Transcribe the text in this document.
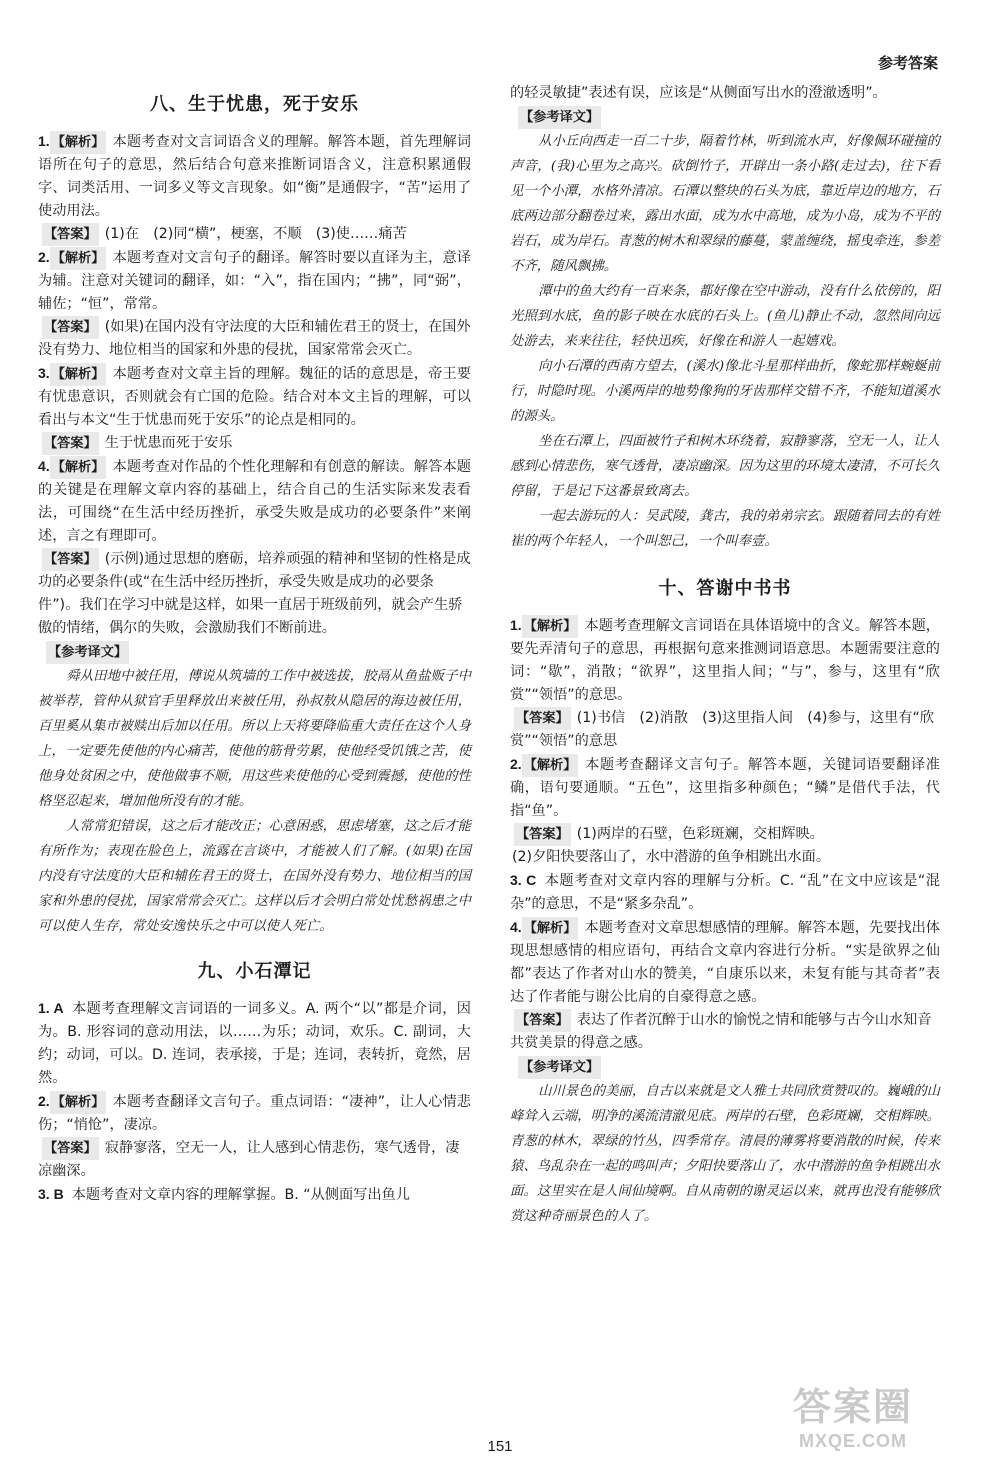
参考答案
八、生于忧患，死于安乐

1. 【解析】 本题考查对文言词语含义的理解。解答本题，首先理解词语所在句子的意思，然后结合句意来推断词语含义，注意积累通假字、词类活用、一词多义等文言现象。如“衡”是通假字，“苦”运用了使动用法。

【答案】 (1)在　(2)同“横”，梗塞，不顺　(3)使……痛苦

2. 【解析】 本题考查对文言句子的翻译。解答时要以直译为主，意译为辅。注意对关键词的翻译，如：“入”，指在国内；“拂”，同“弼”，辅佐；“恒”，常常。

【答案】 (如果)在国内没有守法度的大臣和辅佐君王的贤士，在国外没有势力、地位相当的国家和外患的侵扰，国家常常会灭亡。

3. 【解析】 本题考查对文章主旨的理解。魏征的话的意思是，帝王要有忧患意识，否则就会有亡国的危险。结合对本文主旨的理解，可以看出与本文“生于忧患而死于安乐”的论点是相同的。

【答案】 生于忧患而死于安乐

4. 【解析】 本题考查对作品的个性化理解和有创意的解读。解答本题的关键是在理解文章内容的基础上，结合自己的生活实际来发表看法，可围绕“在生活中经历挫折，承受失败是成功的必要条件”来阐述，言之有理即可。

【答案】 (示例)通过思想的磨砺，培养顽强的精神和坚韧的性格是成功的必要条件(或“在生活中经历挫折，承受失败是成功的必要条件”)。我们在学习中就是这样，如果一直居于班级前列，就会产生骄傲的情绪，偶尔的失败，会激励我们不断前进。

【参考译文】

舜从田地中被任用，傅说从筑墙的工作中被选拔，胶鬲从鱼盐贩子中被举荐，管仲从狱官手里释放出来被任用，孙叔敖从隐居的海边被任用，百里奚从集市被赎出后加以任用。所以上天将要降临重大责任在这个人身上，一定要先使他的内心痛苦，使他的筋骨劳累，使他经受饥饿之苦，使他身处贫困之中，使他做事不顺，用这些来使他的心受到震撼，使他的性格坚忍起来，增加他所没有的才能。

人常常犯错误，这之后才能改正；心意困惑，思虑堵塞，这之后才能有所作为；表现在脸色上，流露在言谈中，才能被人们了解。(如果)在国内没有守法度的大臣和辅佐君王的贤士，在国外没有势力、地位相当的国家和外患的侵扰，国家常常会灭亡。这样以后才会明白常处忧愁祸患之中可以使人生存，常处安逸快乐之中可以使人死亡。

九、小石潭记

1. A 本题考查理解文言词语的一词多义。A. 两个“以”都是介词，因为。B. 形容词的意动用法，以……为乐；动词，欢乐。C. 副词，大约；动词，可以。D. 连词，表承接，于是；连词，表转折，竟然，居然。

2. 【解析】 本题考查翻译文言句子。重点词语：“凄神”，让人心情悲伤；“悄怆”，凄凉。

【答案】 寂静寥落，空无一人，让人感到心情悲伤，寒气透骨，凄凉幽深。

3. B 本题考查对文章内容的理解掌握。B. “从侧面写出鱼儿

的轻灵敏捷”表述有误，应该是“从侧面写出水的澄澈透明”。

【参考译文】

从小丘向西走一百二十步，隔着竹林，听到流水声，好像佩环碰撞的声音，(我)心里为之高兴。砍倒竹子，开辟出一条小路(走过去)，往下看见一个小潭，水格外清凉。石潭以整块的石头为底，靠近岸边的地方，石底两边部分翻卷过来，露出水面，成为水中高地，成为小岛，成为不平的岩石，成为岸石。青葱的树木和翠绿的藤蔓，蒙盖缠绕，摇曳牵连，参差不齐，随风飘拂。

潭中的鱼大约有一百来条，都好像在空中游动，没有什么依傍的，阳光照到水底，鱼的影子映在水底的石头上。(鱼儿)静止不动，忽然间向远处游去，来来往往，轻快迅疾，好像在和游人一起嬉戏。

向小石潭的西南方望去，(溪水)像北斗星那样曲折，像蛇那样蜿蜒前行，时隐时现。小溪两岸的地势像狗的牙齿那样交错不齐，不能知道溪水的源头。

坐在石潭上，四面被竹子和树木环绕着，寂静寥落，空无一人，让人感到心情悲伤，寒气透骨，凄凉幽深。因为这里的环境太凄清，不可长久停留，于是记下这番景致离去。

一起去游玩的人：吴武陵，龚古，我的弟弟宗玄。跟随着同去的有姓崔的两个年轻人，一个叫恕己，一个叫奉壹。

十、答谢中书书

1. 【解析】 本题考查理解文言词语在具体语境中的含义。解答本题，要先弄清句子的意思，再根据句意来推测词语意思。本题需要注意的词：“歇”，消散；“欲界”，这里指人间；“与”，参与，这里有“欣赏”“领悟”的意思。

【答案】 (1)书信　(2)消散　(3)这里指人间　(4)参与，这里有“欣赏”“领悟”的意思

2. 【解析】 本题考查翻译文言句子。解答本题，关键词语要翻译准确，语句要通顺。“五色”，这里指多种颜色；“鳞”是借代手法，代指“鱼”。

【答案】 (1)两岸的石壁，色彩斑斓，交相辉映。

(2)夕阳快要落山了，水中潜游的鱼争相跳出水面。

3. C 本题考查对文章内容的理解与分析。C. “乱”在文中应该是“混杂”的意思，不是“紧多杂乱”。

4. 【解析】 本题考查对文章思想感情的理解。解答本题，先要找出体现思想感情的相应语句，再结合文章内容进行分析。“实是欲界之仙都”表达了作者对山水的赞美，“自康乐以来，未复有能与其奇者”表达了作者能与谢公比肩的自豪得意之感。

【答案】 表达了作者沉醉于山水的愉悦之情和能够与古今山水知音共赏美景的得意之感。

【参考译文】

山川景色的美丽，自古以来就是文人雅士共同欣赏赞叹的。巍峨的山峰耸入云端，明净的溪流清澈见底。两岸的石壁，色彩斑斓，交相辉映。青葱的林木，翠绿的竹丛，四季常存。清晨的薄雾将要消散的时候，传来猿、鸟乱杂在一起的鸣叫声；夕阳快要落山了，水中潜游的鱼争相跳出水面。这里实在是人间仙境啊。自从南朝的谢灵运以来，就再也没有能够欣赏这种奇丽景色的人了。

151
答案圈
MXQE.COM
